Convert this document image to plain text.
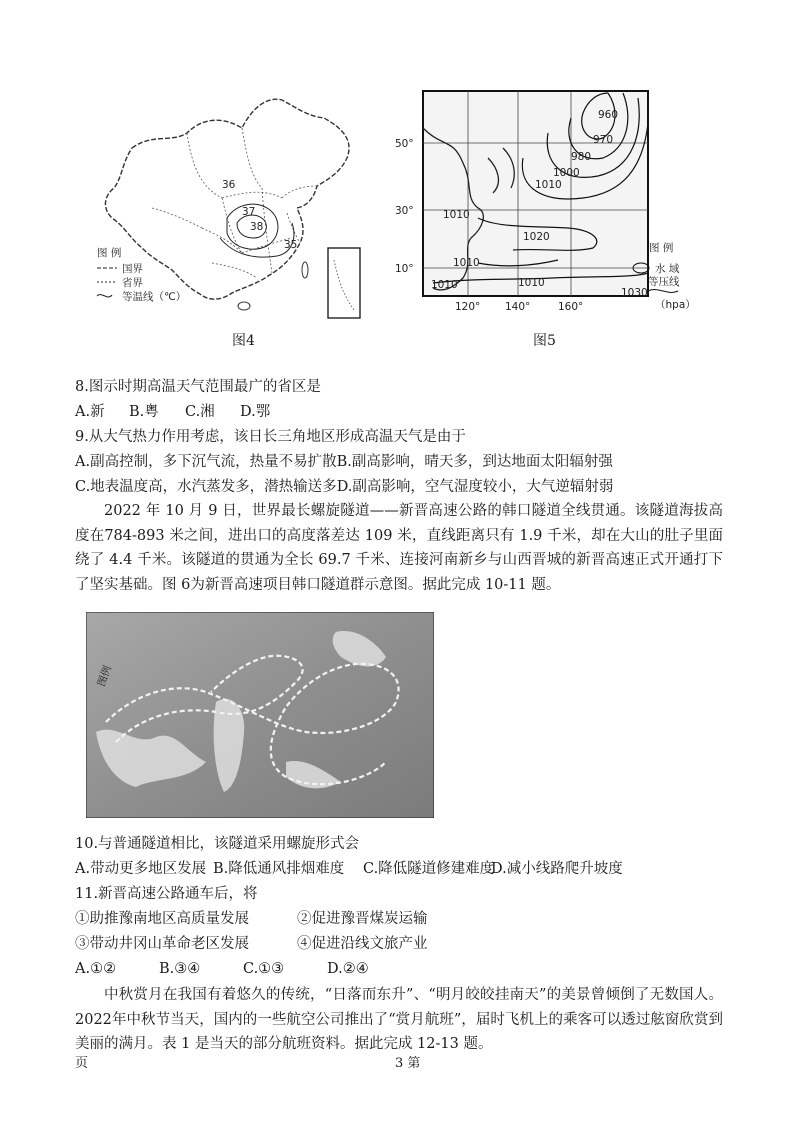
37
38
35
36
图 例
国界
省界
等温线（℃）
图4
960
970
980
1000
1010
1010
1020
1010
1010	1010
50°
30°
10°
120° 140°	160°
图 例
水 域
等压线
1030
（hpa）
图5
8.图示时期高温天气范围最广的省区是
A.新 B.粤 C.湘 D.鄂
9.从大气热力作用考虑，该日长三角地区形成高温天气是由于
A.副高控制，多下沉气流，热量不易扩散B.副高影响，晴天多，到达地面太阳辐射强
C.地表温度高，水汽蒸发多，潜热输送多D.副高影响，空气湿度较小，大气逆辐射弱
2022 年 10 月 9 日，世界最长螺旋隧道——新晋高速公路的韩口隧道全线贯通。该隧道海拔高度在784-893 米之间，进出口的高度落差达 109 米，直线距离只有 1.9 千米，却在大山的肚子里面绕了 4.4 千米。该隧道的贯通为全长 69.7 千米、连接河南新乡与山西晋城的新晋高速正式开通打下了坚实基础。图 6为新晋高速项目韩口隧道群示意图。据此完成 10-11 题。
图例
10.与普通隧道相比，该隧道采用螺旋形式会
A.带动更多地区发展 B.降低通风排烟难度 C.降低隧道修建难度D.减小线路爬升坡度
11.新晋高速公路通车后，将
①助推豫南地区高质量发展	②促进豫晋煤炭运输
③带动井冈山革命老区发展	④促进沿线文旅产业
A.①②	B.③④	C.①③	D.②④
中秋赏月在我国有着悠久的传统，“日落而东升”、“明月皎皎挂南天”的美景曾倾倒了无数国人。2022年中秋节当天，国内的一些航空公司推出了“赏月航班”，届时飞机上的乘客可以透过舷窗欣赏到美丽的满月。表 1 是当天的部分航班资料。据此完成 12-13 题。
页	3 第
